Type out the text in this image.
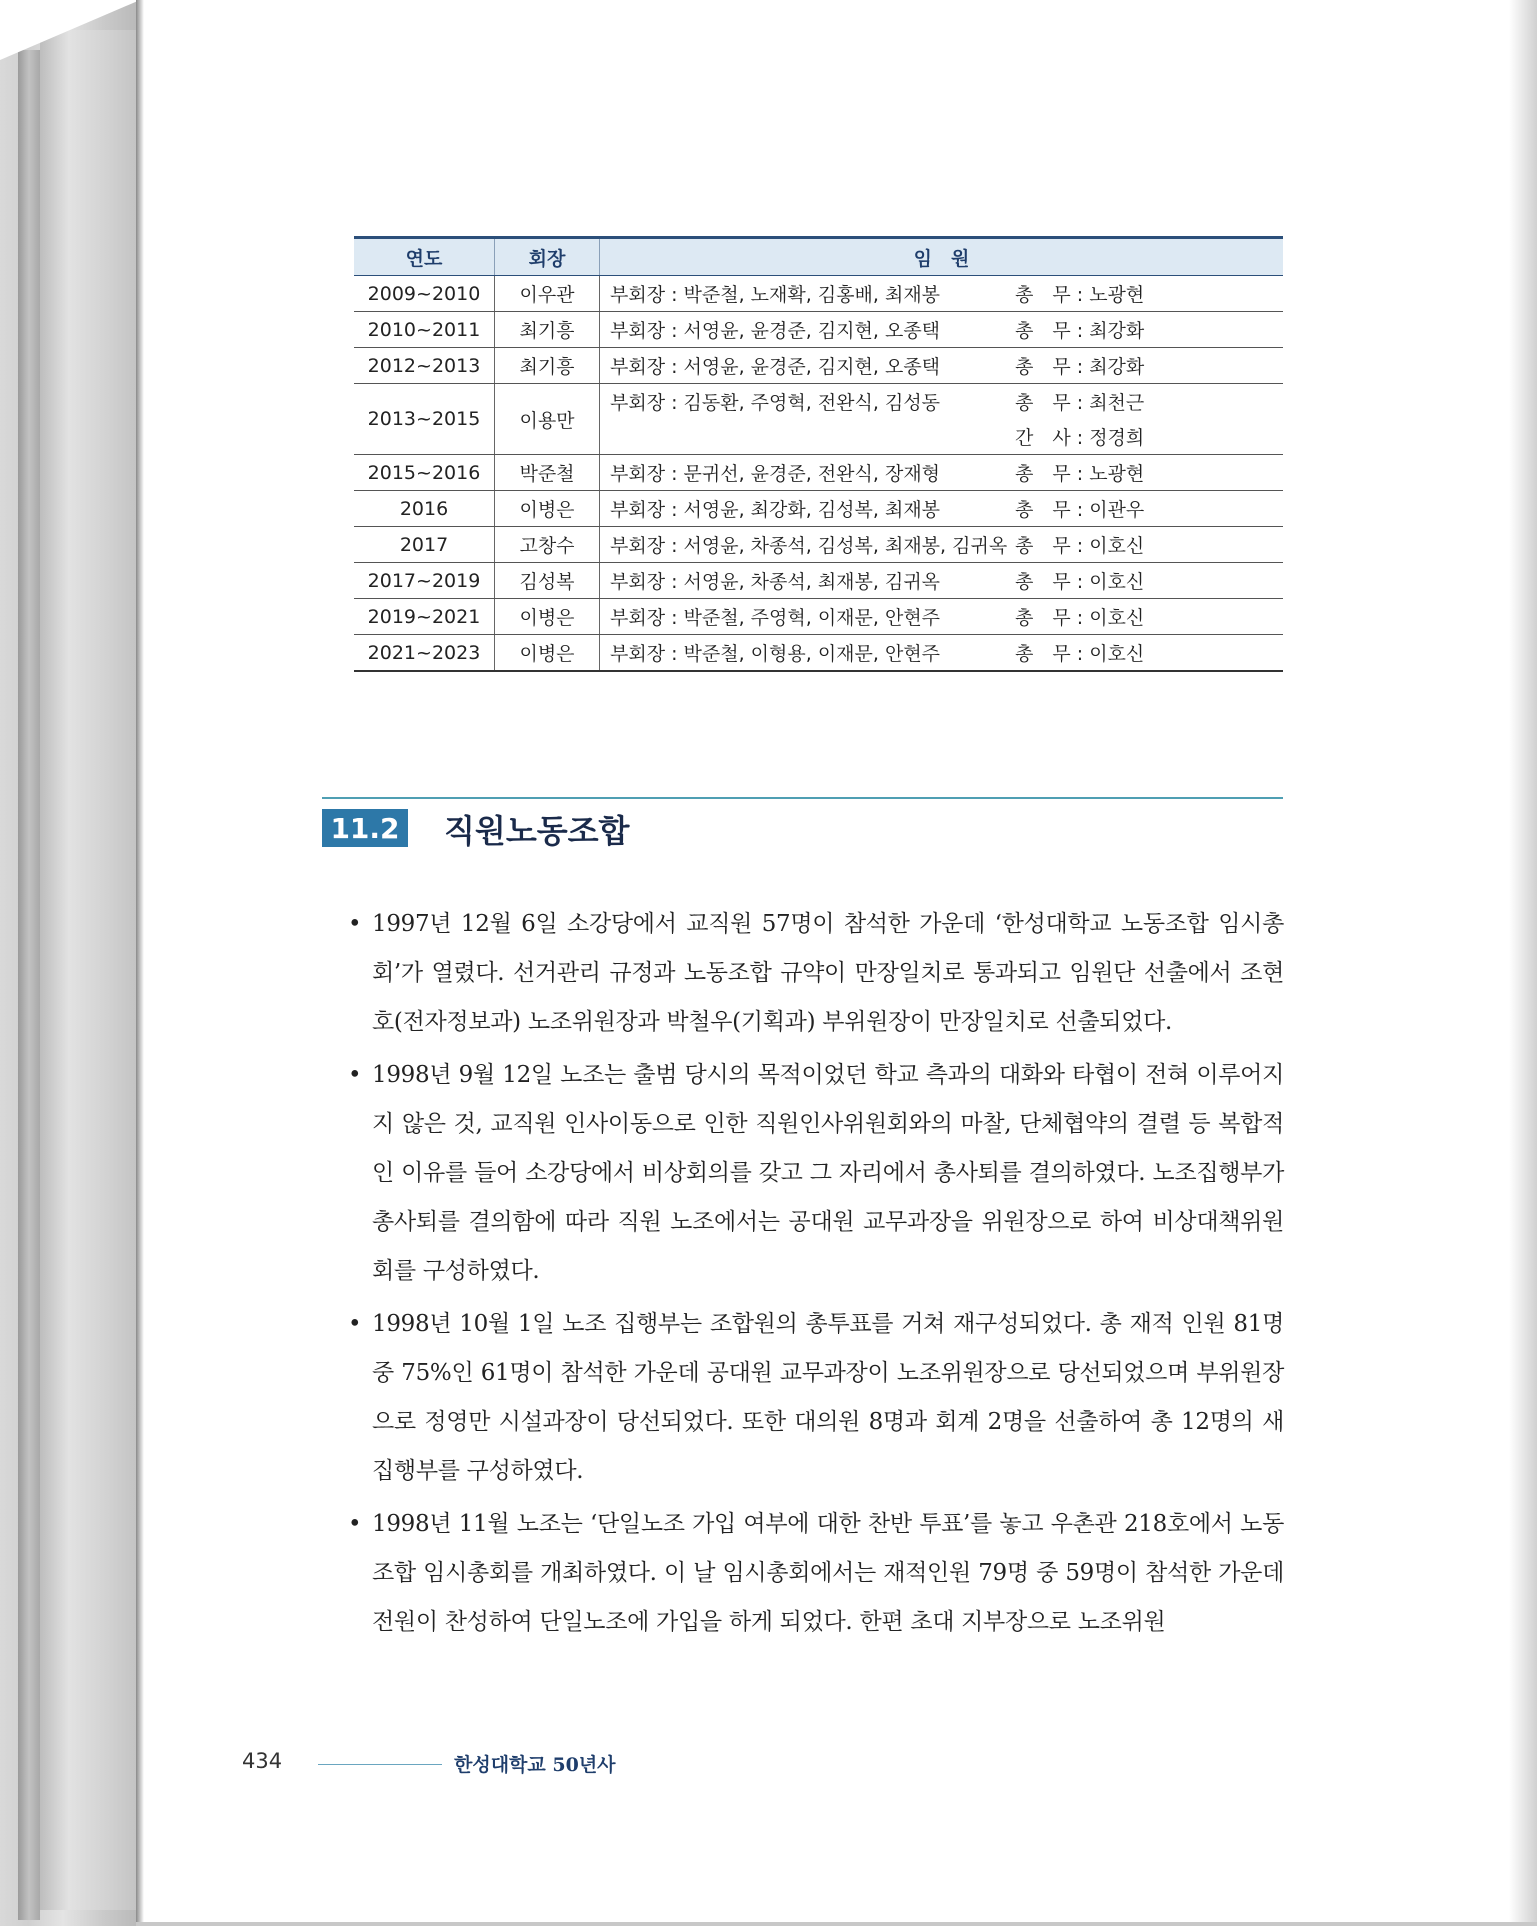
연도	회장	임　원
2009~2010	이우관	부회장 : 박준철, 노재확, 김홍배, 최재봉 총　무 : 노광현

2010~2011	최기흥	부회장 : 서영윤, 윤경준, 김지현, 오종택 총　무 : 최강화

2012~2013	최기흥	부회장 : 서영윤, 윤경준, 김지현, 오종택 총　무 : 최강화

2013~2015	이용만	부회장 : 김동환, 주영혁, 전완식, 김성동 총　무 : 최천근
간　사 : 정경희

2015~2016	박준철	부회장 : 문귀선, 윤경준, 전완식, 장재형 총　무 : 노광현

2016	이병은	부회장 : 서영윤, 최강화, 김성복, 최재봉 총　무 : 이관우

2017	고창수	부회장 : 서영윤, 차종석, 김성복, 최재봉, 김귀옥 총　무 : 이호신

2017~2019	김성복	부회장 : 서영윤, 차종석, 최재봉, 김귀옥 총　무 : 이호신

2019~2021	이병은	부회장 : 박준철, 주영혁, 이재문, 안현주 총　무 : 이호신

2021~2023	이병은	부회장 : 박준철, 이형용, 이재문, 안현주 총　무 : 이호신
11.2 직원노동조합
• 1997년 12월 6일 소강당에서 교직원 57명이 참석한 가운데 ‘한성대학교 노동조합 임시총회’가 열렸다. 선거관리 규정과 노동조합 규약이 만장일치로 통과되고 임원단 선출에서 조현호(전자정보과) 노조위원장과 박철우(기획과) 부위원장이 만장일치로 선출되었다.
• 1998년 9월 12일 노조는 출범 당시의 목적이었던 학교 측과의 대화와 타협이 전혀 이루어지지 않은 것, 교직원 인사이동으로 인한 직원인사위원회와의 마찰, 단체협약의 결렬 등 복합적인 이유를 들어 소강당에서 비상회의를 갖고 그 자리에서 총사퇴를 결의하였다. 노조집행부가 총사퇴를 결의함에 따라 직원 노조에서는 공대원 교무과장을 위원장으로 하여 비상대책위원회를 구성하였다.
• 1998년 10월 1일 노조 집행부는 조합원의 총투표를 거쳐 재구성되었다. 총 재적 인원 81명 중 75%인 61명이 참석한 가운데 공대원 교무과장이 노조위원장으로 당선되었으며 부위원장으로 정영만 시설과장이 당선되었다. 또한 대의원 8명과 회계 2명을 선출하여 총 12명의 새 집행부를 구성하였다.
• 1998년 11월 노조는 ‘단일노조 가입 여부에 대한 찬반 투표’를 놓고 우촌관 218호에서 노동조합 임시총회를 개최하였다. 이 날 임시총회에서는 재적인원 79명 중 59명이 참석한 가운데 전원이 찬성하여 단일노조에 가입을 하게 되었다. 한편 초대 지부장으로 노조위원
434	한성대학교 50년사
